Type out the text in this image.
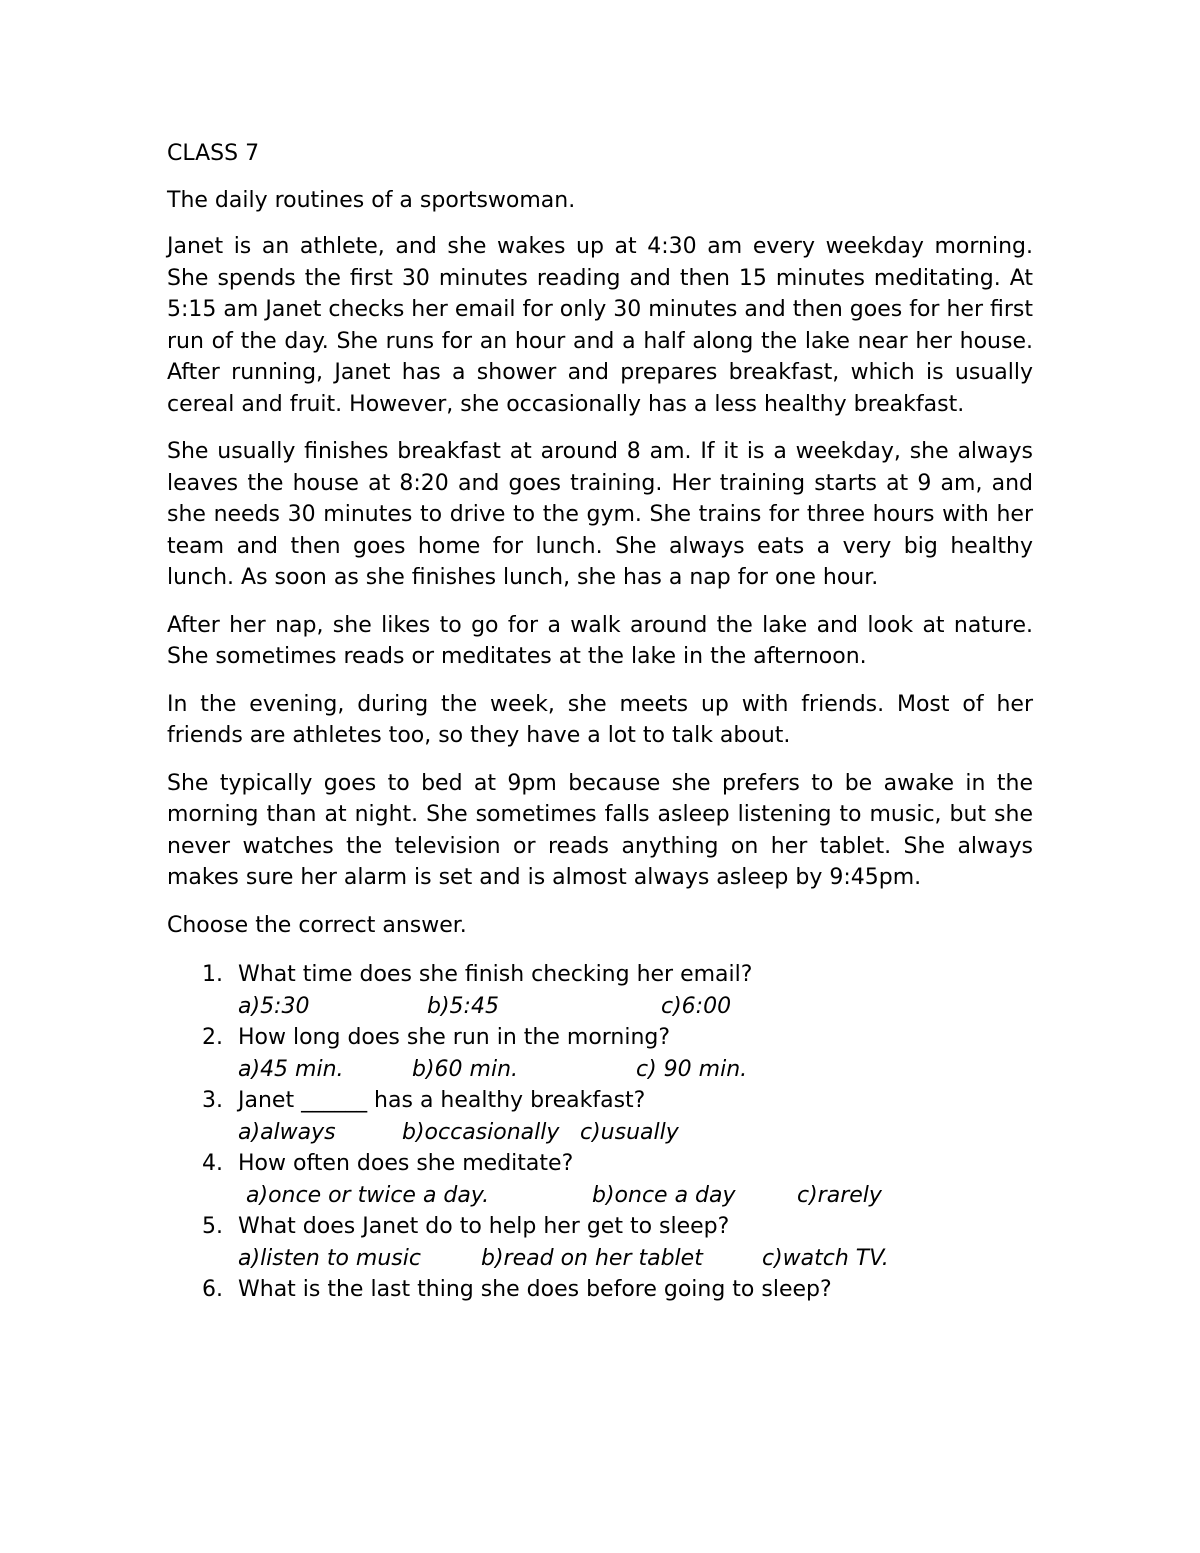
CLASS 7

The daily routines of a sportswoman.

Janet is an athlete, and she wakes up at 4:30 am every weekday morning. She spends the first 30 minutes reading and then 15 minutes meditating. At 5:15 am Janet checks her email for only 30 minutes and then goes for her first run of the day. She runs for an hour and a half along the lake near her house. After running, Janet has a shower and prepares breakfast, which is usually cereal and fruit. However, she occasionally has a less healthy breakfast.

She usually finishes breakfast at around 8 am. If it is a weekday, she always leaves the house at 8:20 and goes training. Her training starts at 9 am, and she needs 30 minutes to drive to the gym. She trains for three hours with her team and then goes home for lunch. She always eats a very big healthy lunch. As soon as she finishes lunch, she has a nap for one hour.

After her nap, she likes to go for a walk around the lake and look at nature. She sometimes reads or meditates at the lake in the afternoon.

In the evening, during the week, she meets up with friends. Most of her friends are athletes too, so they have a lot to talk about.

She typically goes to bed at 9pm because she prefers to be awake in the morning than at night. She sometimes falls asleep listening to music, but she never watches the television or reads anything on her tablet. She always makes sure her alarm is set and is almost always asleep by 9:45pm.

Choose the correct answer.

1. What time does she finish checking her email?
a)5:30	b)5:45	c)6:00
2. How long does she run in the morning?
a)45 min.	b)60 min.	c) 90 min.
3. Janet ______ has a healthy breakfast?
a)always	b)occasionally c)usually
4. How often does she meditate?
a)once or twice a day.	b)once a day	c)rarely
5. What does Janet do to help her get to sleep?
a)listen to music	b)read on her tablet	c)watch TV.
6. What is the last thing she does before going to sleep?
